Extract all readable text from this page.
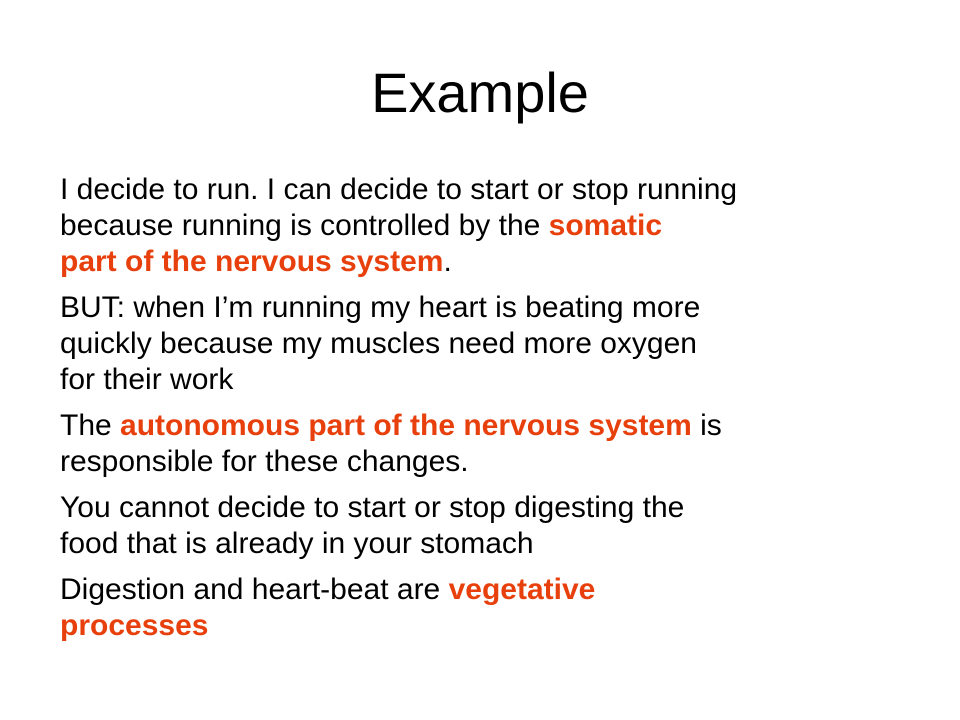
Example

I decide to run. I can decide to start or stop running
because running is controlled by the somatic
part of the nervous system.

BUT: when I’m running my heart is beating more
quickly because my muscles need more oxygen
for their work

The autonomous part of the nervous system is
responsible for these changes.

You cannot decide to start or stop digesting the
food that is already in your stomach

Digestion and heart-beat are vegetative
processes
